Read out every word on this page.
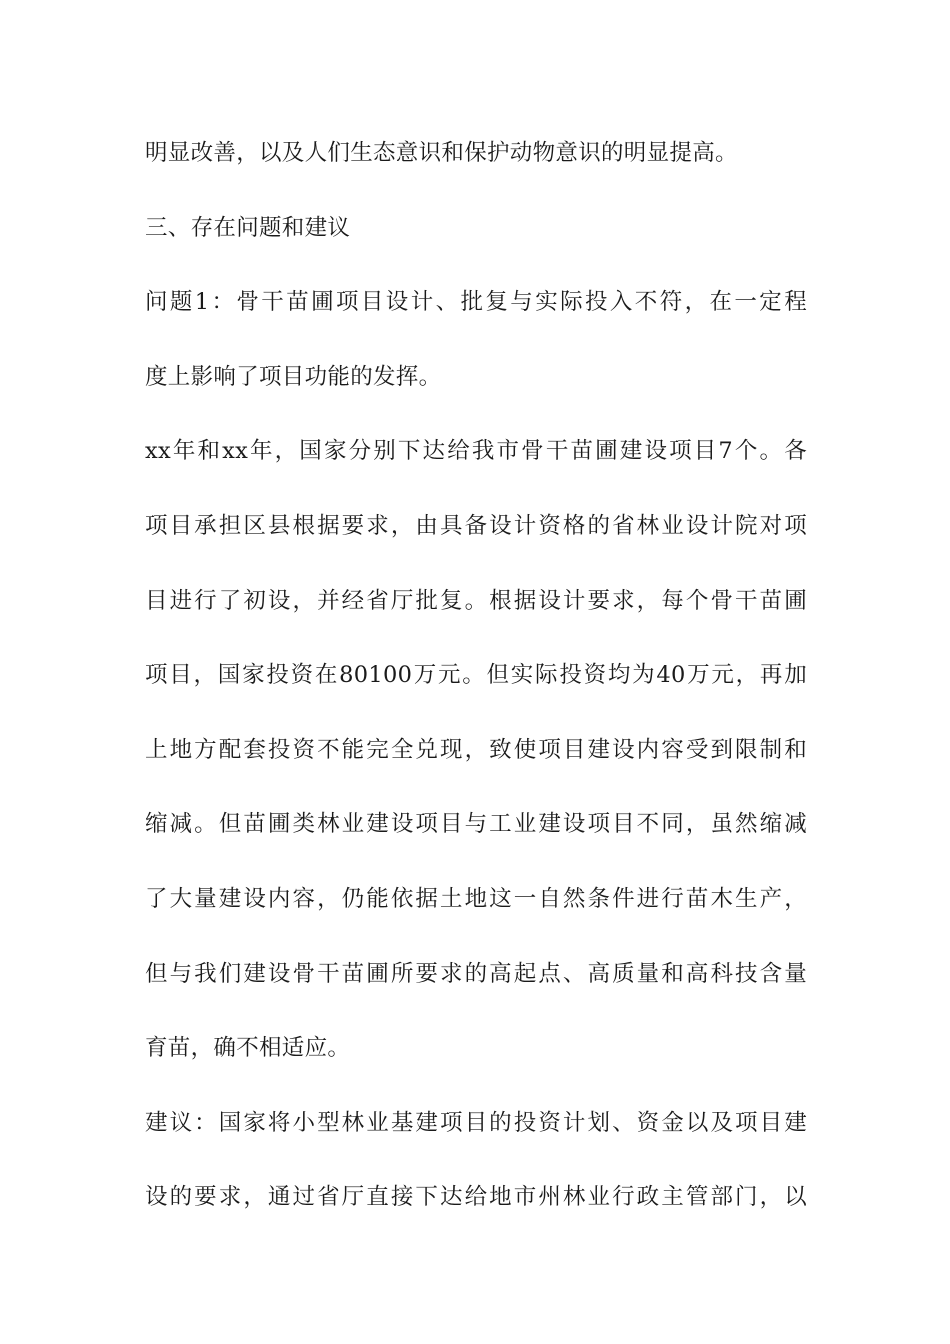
明显改善，以及人们生态意识和保护动物意识的明显提高。
三、存在问题和建议
问题1：骨干苗圃项目设计、批复与实际投入不符，在一定程
度上影响了项目功能的发挥。
xx年和xx年，国家分别下达给我市骨干苗圃建设项目7个。各
项目承担区县根据要求，由具备设计资格的省林业设计院对项
目进行了初设，并经省厅批复。根据设计要求，每个骨干苗圃
项目，国家投资在80100万元。但实际投资均为40万元，再加
上地方配套投资不能完全兑现，致使项目建设内容受到限制和
缩减。但苗圃类林业建设项目与工业建设项目不同，虽然缩减
了大量建设内容，仍能依据土地这一自然条件进行苗木生产，
但与我们建设骨干苗圃所要求的高起点、高质量和高科技含量
育苗，确不相适应。
建议：国家将小型林业基建项目的投资计划、资金以及项目建
设的要求，通过省厅直接下达给地市州林业行政主管部门，以
